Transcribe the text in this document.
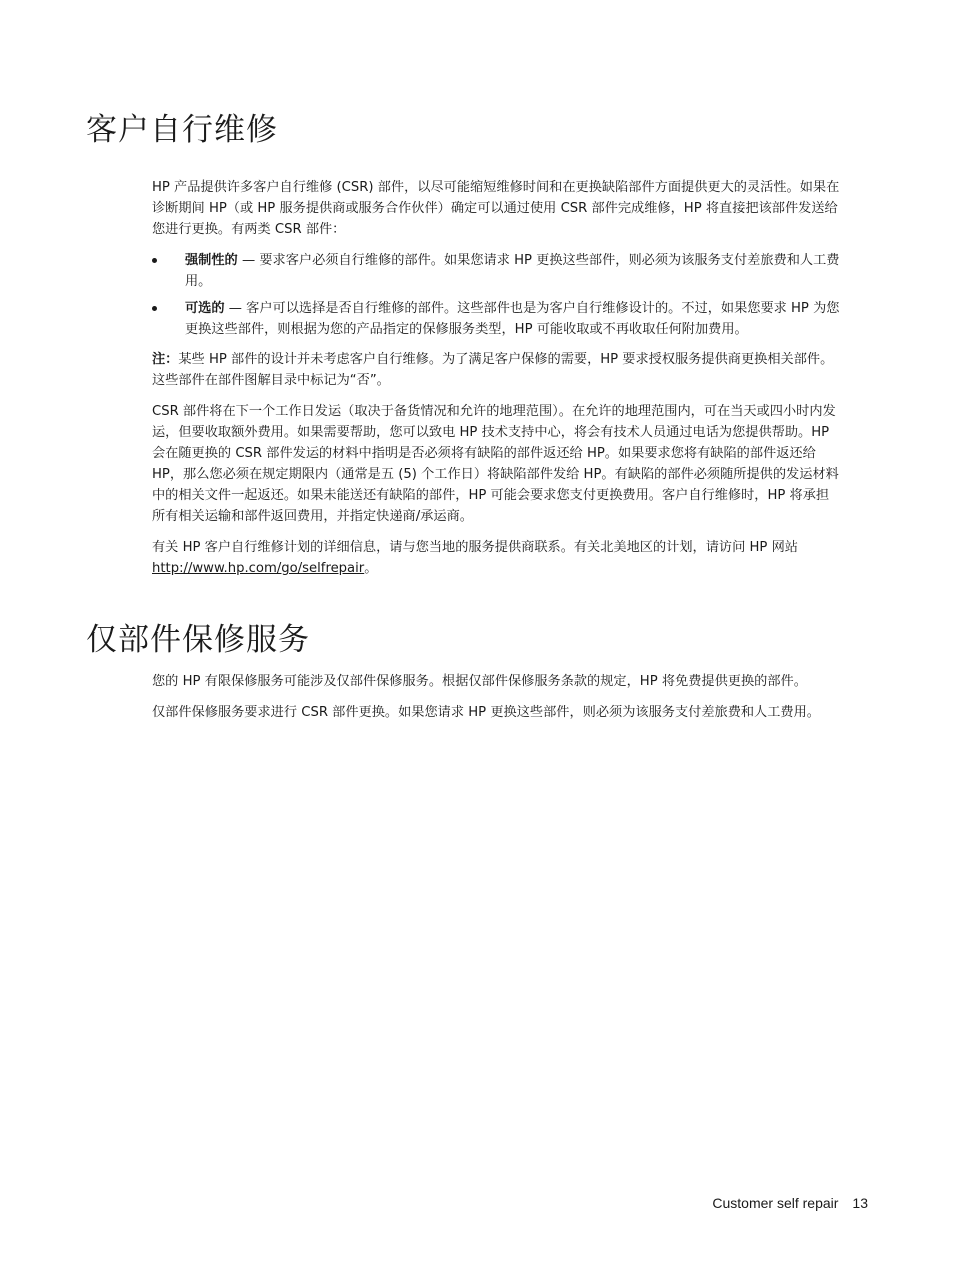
客户自行维修

HP 产品提供许多客户自行维修 (CSR) 部件，以尽可能缩短维修时间和在更换缺陷部件方面提供更大的灵活性。如果在诊断期间 HP（或 HP 服务提供商或服务合作伙伴）确定可以通过使用 CSR 部件完成维修，HP 将直接把该部件发送给您进行更换。有两类 CSR 部件：

强制性的 — 要求客户必须自行维修的部件。如果您请求 HP 更换这些部件，则必须为该服务支付差旅费和人工费用。
可选的 — 客户可以选择是否自行维修的部件。这些部件也是为客户自行维修设计的。不过，如果您要求 HP 为您更换这些部件，则根据为您的产品指定的保修服务类型，HP 可能收取或不再收取任何附加费用。

注：某些 HP 部件的设计并未考虑客户自行维修。为了满足客户保修的需要，HP 要求授权服务提供商更换相关部件。这些部件在部件图解目录中标记为“否”。

CSR 部件将在下一个工作日发运（取决于备货情况和允许的地理范围）。在允许的地理范围内，可在当天或四小时内发运，但要收取额外费用。如果需要帮助，您可以致电 HP 技术支持中心，将会有技术人员通过电话为您提供帮助。HP 会在随更换的 CSR 部件发运的材料中指明是否必须将有缺陷的部件返还给 HP。如果要求您将有缺陷的部件返还给 HP，那么您必须在规定期限内（通常是五 (5) 个工作日）将缺陷部件发给 HP。有缺陷的部件必须随所提供的发运材料中的相关文件一起返还。如果未能送还有缺陷的部件，HP 可能会要求您支付更换费用。客户自行维修时，HP 将承担所有相关运输和部件返回费用，并指定快递商/承运商。

有关 HP 客户自行维修计划的详细信息，请与您当地的服务提供商联系。有关北美地区的计划，请访问 HP 网站 http://www.hp.com/go/selfrepair。

仅部件保修服务

您的 HP 有限保修服务可能涉及仅部件保修服务。根据仅部件保修服务条款的规定，HP 将免费提供更换的部件。

仅部件保修服务要求进行 CSR 部件更换。如果您请求 HP 更换这些部件，则必须为该服务支付差旅费和人工费用。

Customer self repair 13
